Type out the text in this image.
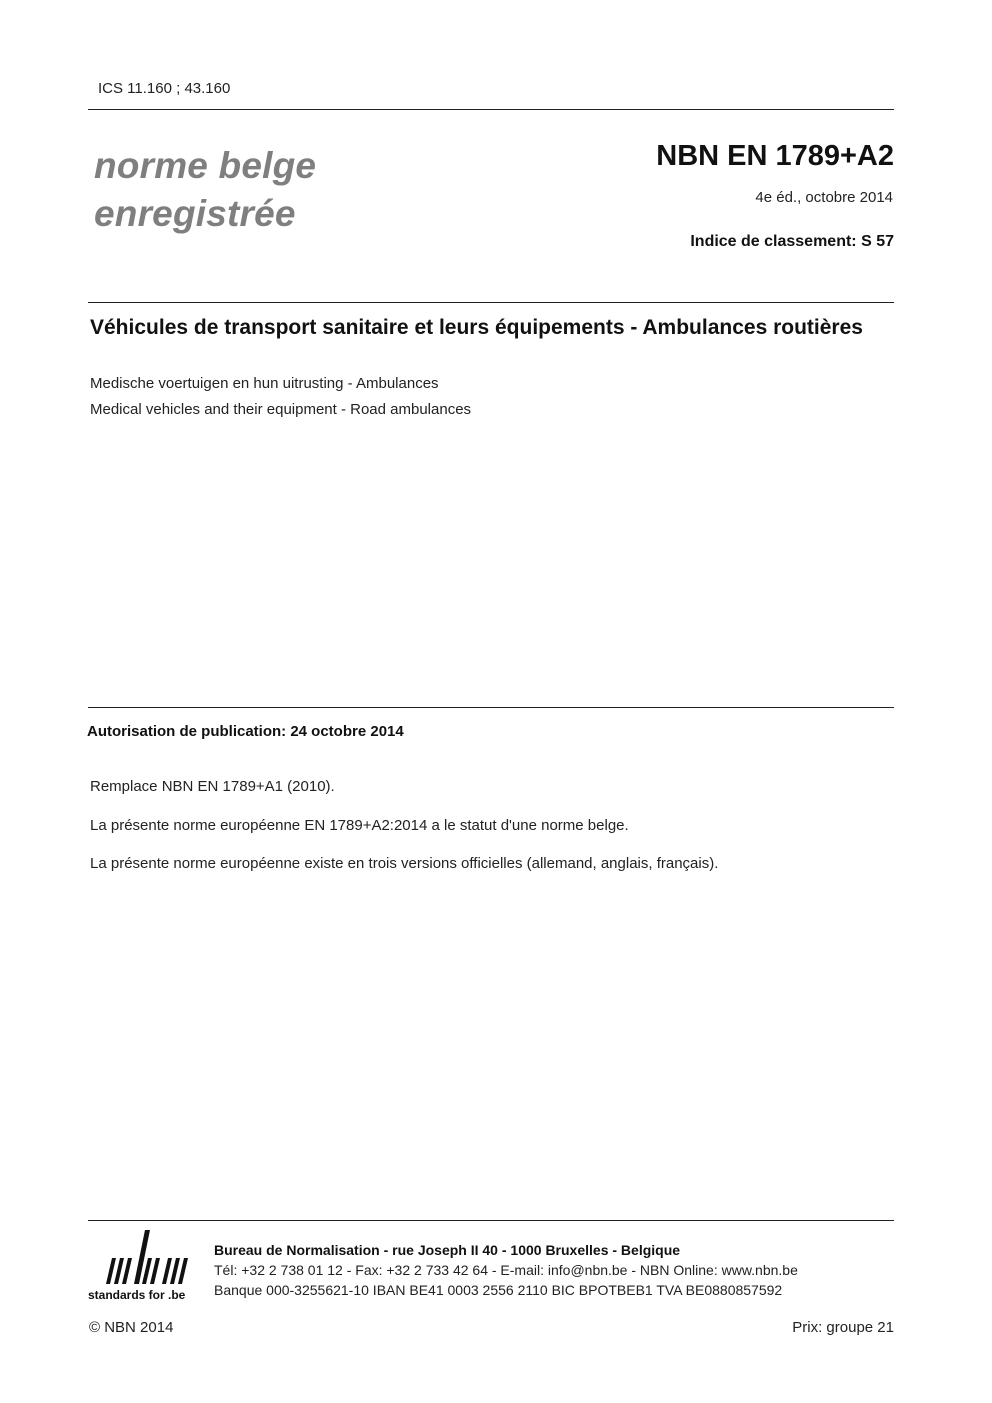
ICS 11.160 ; 43.160
norme belge
enregistrée
NBN EN 1789+A2
4e éd., octobre 2014
Indice de classement: S 57
Véhicules de transport sanitaire et leurs équipements - Ambulances routières
Medische voertuigen en hun uitrusting - Ambulances
Medical vehicles and their equipment - Road ambulances
Autorisation de publication: 24 octobre 2014
Remplace NBN EN 1789+A1 (2010).
La présente norme européenne EN 1789+A2:2014 a le statut d'une norme belge.
La présente norme européenne existe en trois versions officielles (allemand, anglais, français).
standards for .be
Bureau de Normalisation - rue Joseph II 40 - 1000 Bruxelles - Belgique
Tél: +32 2 738 01 12 - Fax: +32 2 733 42 64 - E-mail: info@nbn.be - NBN Online: www.nbn.be
Banque 000-3255621-10 IBAN BE41 0003 2556 2110 BIC BPOTBEB1 TVA BE0880857592
© NBN 2014	Prix: groupe 21
